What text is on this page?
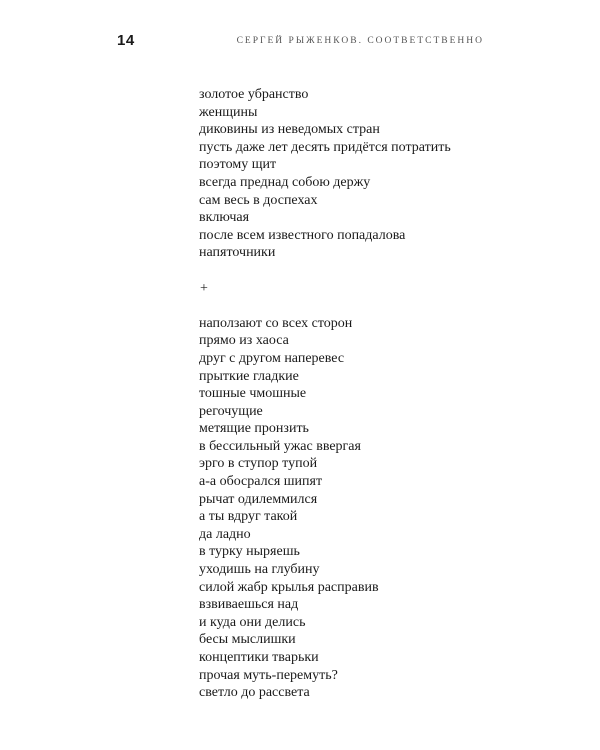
14	СЕРГЕЙ РЫЖЕНКОВ. СООТВЕТСТВЕННО
золотое убранство
женщины
диковины из неведомых стран
пусть даже лет десять придётся потратить
поэтому щит
всегда преднад собою держу
сам весь в доспехах
включая
после всем известного попадалова
напяточники
+
наползают со всех сторон
прямо из хаоса
друг с другом наперевес
прыткие гладкие
тошные чмошные
регочущие
метящие пронзить
в бессильный ужас ввергая
эрго в ступор тупой
а-а обосрался шипят
рычат одилеммился
а ты вдруг такой
да ладно
в турку ныряешь
уходишь на глубину
силой жабр крылья расправив
взвиваешься над
и куда они делись
бесы мыслишки
концептики тварьки
прочая муть-перемуть?
светло до рассвета
